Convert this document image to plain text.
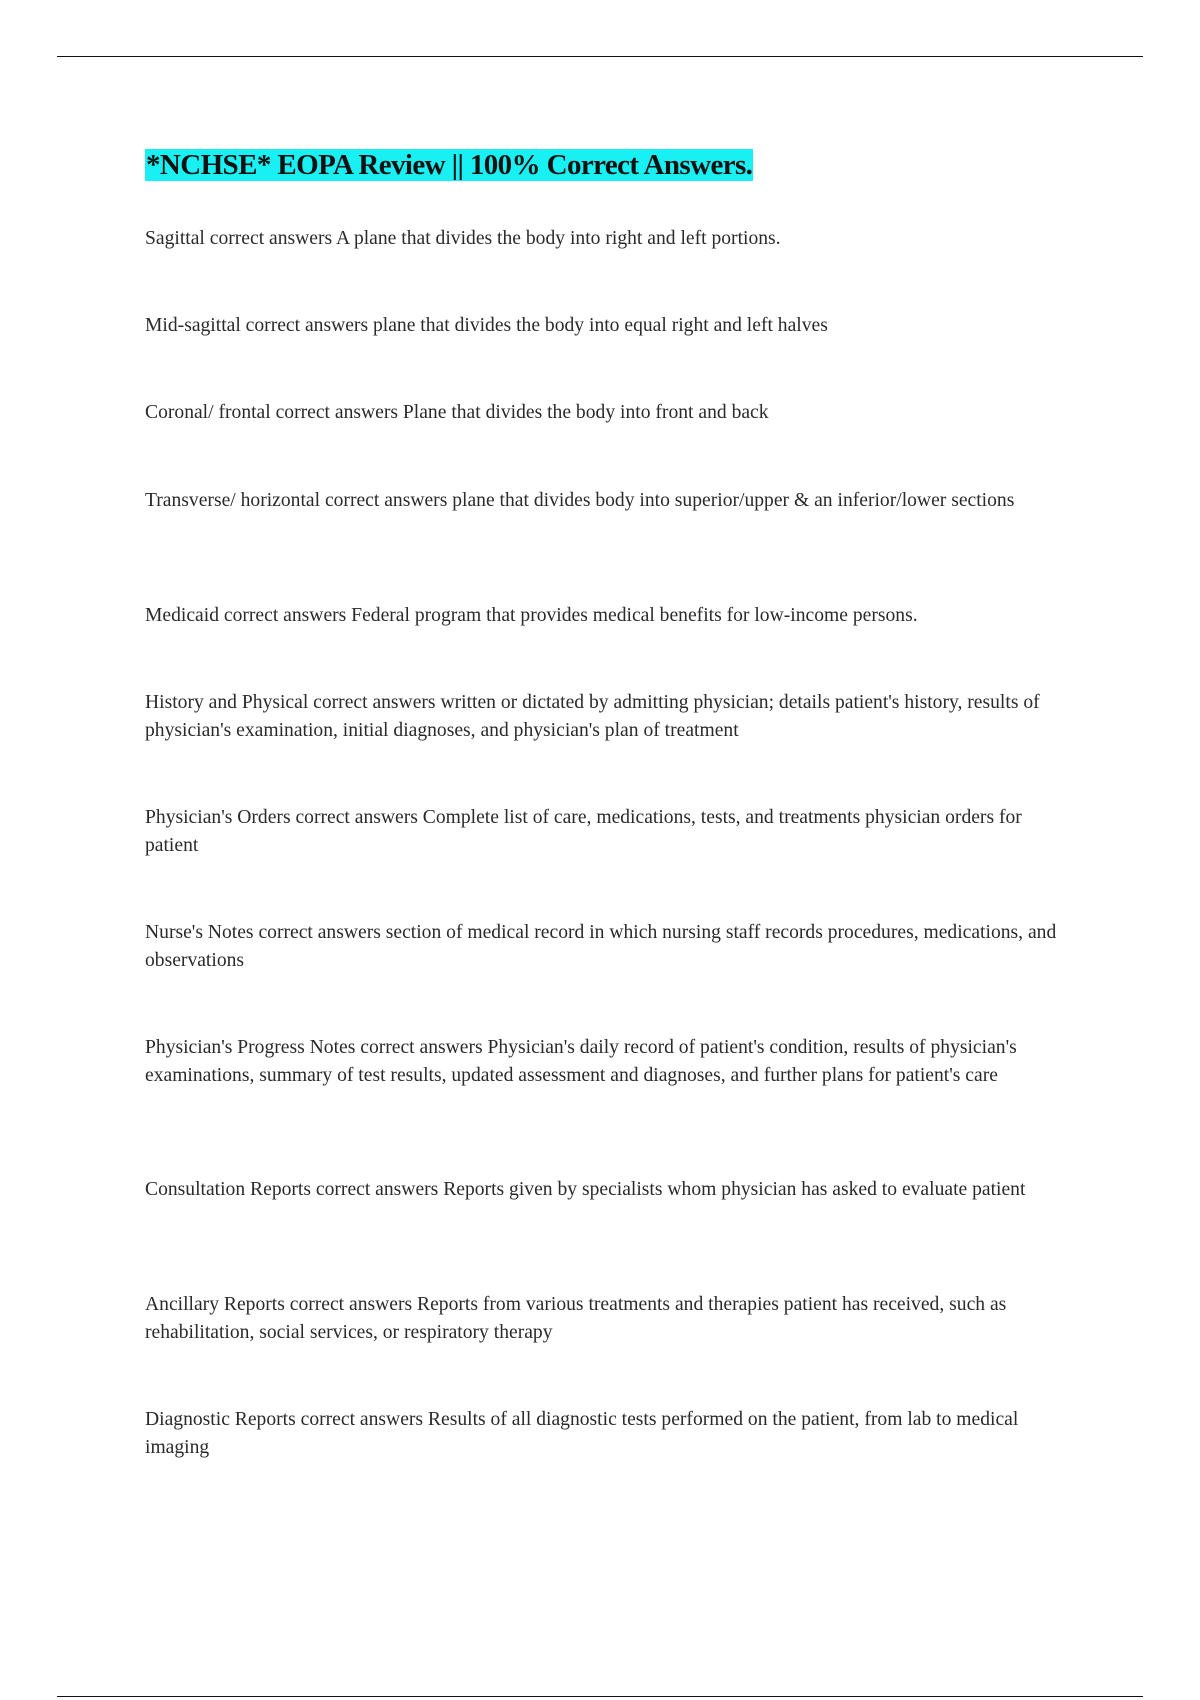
*NCHSE* EOPA Review || 100% Correct Answers.
Sagittal correct answers A plane that divides the body into right and left portions.
Mid-sagittal correct answers plane that divides the body into equal right and left halves
Coronal/ frontal correct answers Plane that divides the body into front and back
Transverse/ horizontal correct answers plane that divides body into superior/upper & an inferior/lower sections
Medicaid correct answers Federal program that provides medical benefits for low-income persons.
History and Physical correct answers written or dictated by admitting physician; details patient's history, results of physician's examination, initial diagnoses, and physician's plan of treatment
Physician's Orders correct answers Complete list of care, medications, tests, and treatments physician orders for patient
Nurse's Notes correct answers section of medical record in which nursing staff records procedures, medications, and observations
Physician's Progress Notes correct answers Physician's daily record of patient's condition, results of physician's examinations, summary of test results, updated assessment and diagnoses, and further plans for patient's care
Consultation Reports correct answers Reports given by specialists whom physician has asked to evaluate patient
Ancillary Reports correct answers Reports from various treatments and therapies patient has received, such as rehabilitation, social services, or respiratory therapy
Diagnostic Reports correct answers Results of all diagnostic tests performed on the patient, from lab to medical imaging
